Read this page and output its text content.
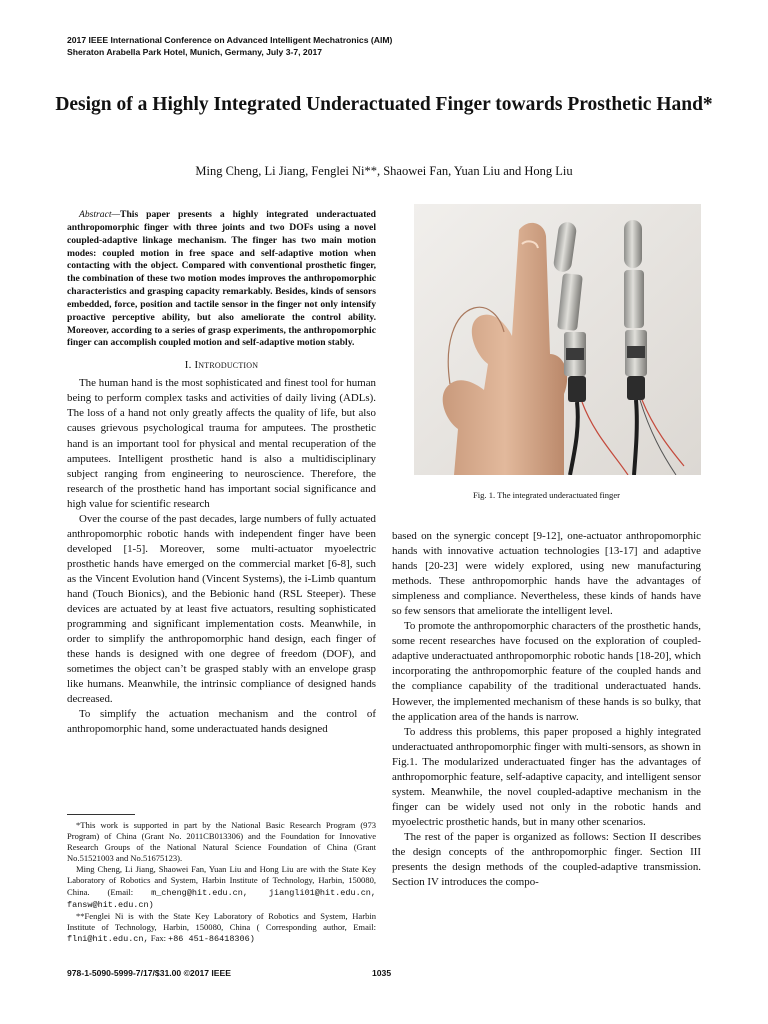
2017 IEEE International Conference on Advanced Intelligent Mechatronics (AIM)
Sheraton Arabella Park Hotel, Munich, Germany, July 3-7, 2017
Design of a Highly Integrated Underactuated Finger towards Prosthetic Hand*
Ming Cheng, Li Jiang, Fenglei Ni**, Shaowei Fan, Yuan Liu and Hong Liu

Abstract—This paper presents a highly integrated underactuated anthropomorphic finger with three joints and two DOFs using a novel coupled-adaptive linkage mechanism. The finger has two main motion modes: coupled motion in free space and self-adaptive motion when contacting with the object. Compared with conventional prosthetic finger, the combination of these two motion modes improves the anthropomorphic characteristics and grasping capacity remarkably. Besides, kinds of sensors embedded, force, position and tactile sensor in the finger not only intensify proactive perceptive ability, but also ameliorate the control ability. Moreover, according to a series of grasp experiments, the anthropomorphic finger can accomplish coupled motion and self-adaptive motion stably.

I. Introduction

The human hand is the most sophisticated and finest tool for human being to perform complex tasks and activities of daily living (ADLs). The loss of a hand not only greatly affects the quality of life, but also causes grievous psychological trauma for amputees. The prosthetic hand is an important tool for physical and mental recuperation of the amputees. Intelligent prosthetic hand is also a multidisciplinary subject ranging from engineering to neuroscience. Therefore, the research of the prosthetic hand has important social significance and high value for scientific research

Over the course of the past decades, large numbers of fully actuated anthropomorphic robotic hands with independent finger have been developed [1-5]. Moreover, some multi-actuator myoelectric prosthetic hands have emerged on the commercial market [6-8], such as the Vincent Evolution hand (Vincent Systems), the i-Limb quantum hand (Touch Bionics), and the Bebionic hand (RSL Steeper). These devices are actuated by at least five actuators, resulting sophisticated programming and significant implementation costs. Meanwhile, in order to simplify the anthropomorphic hand design, each finger of these hands is designed with one degree of freedom (DOF), and sometimes the object can’t be grasped stably with an envelope grasp like humans. Meanwhile, the intrinsic compliance of designed hands decreased.

To simplify the actuation mechanism and the control of anthropomorphic hand, some underactuated hands designed

*This work is supported in part by the National Basic Research Program (973 Program) of China (Grant No. 2011CB013306) and the Foundation for Innovative Research Groups of the National Natural Science Foundation of China (Grant No.51521003 and No.51675123).

Ming Cheng, Li Jiang, Shaowei Fan, Yuan Liu and Hong Liu are with the State Key Laboratory of Robotics and System, Harbin Institute of Technology, Harbin, 150080, China. (Email: m_cheng@hit.edu.cn, jiangli01@hit.edu.cn, fansw@hit.edu.cn)

**Fenglei Ni is with the State Key Laboratory of Robotics and System, Harbin Institute of Technology, Harbin, 150080, China ( Corresponding author, Email: flni@hit.edu.cn, Fax: +86 451-86418306)

Fig. 1. The integrated underactuated finger

based on the synergic concept [9-12], one-actuator anthropomorphic hands with innovative actuation technologies [13-17] and adaptive hands [20-23] were widely explored, using new manufacturing methods. These anthropomorphic hands have the advantages of simpleness and compliance. Nevertheless, these kinds of hands have so few sensors that ameliorate the intelligent level.

To promote the anthropomorphic characters of the prosthetic hands, some recent researches have focused on the exploration of coupled-adaptive underactuated anthropomorphic robotic hands [18-20], which incorporating the anthropomorphic feature of the coupled hands and the compliance capability of the traditional underactuated hands. However, the implemented mechanism of these hands is so bulky, that the application area of the hands is narrow.

To address this problems, this paper proposed a highly integrated underactuated anthropomorphic finger with multi-sensors, as shown in Fig.1. The modularized underactuated finger has the advantages of anthropomorphic feature, self-adaptive capacity, and intelligent sensor system. Meanwhile, the novel coupled-adaptive mechanism in the finger can be widely used not only in the robotic hands and myoelectric prosthetic hands, but in many other scenarios.

The rest of the paper is organized as follows: Section II describes the design concepts of the anthropomorphic finger. Section III presents the design methods of the coupled-adaptive transmission. Section IV introduces the compo-

978-1-5090-5999-7/17/$31.00 ©2017 IEEE	1035
